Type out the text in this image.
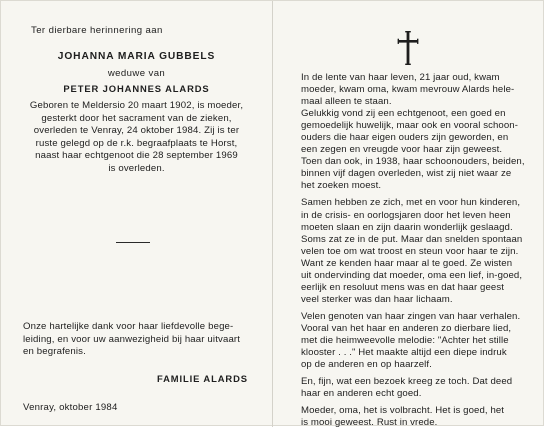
Ter dierbare herinnering aan
JOHANNA MARIA GUBBELS
weduwe van
PETER JOHANNES ALARDS
Geboren te Meldersio 20 maart 1902, is moeder,
gesterkt door het sacrament van de zieken,
overleden te Venray, 24 oktober 1984. Zij is ter
ruste gelegd op de r.k. begraafplaats te Horst,
naast haar echtgenoot die 28 september 1969
is overleden.
Onze hartelijke dank voor haar liefdevolle bege-
leiding, en voor uw aanwezigheid bij haar uitvaart
en begrafenis.
FAMILIE ALARDS
Venray, oktober 1984
In de lente van haar leven, 21 jaar oud, kwam
moeder, kwam oma, kwam mevrouw Alards hele-
maal alleen te staan.
Gelukkig vond zij een echtgenoot, een goed en
gemoedelijk huwelijk, maar ook en vooral schoon-
ouders die haar eigen ouders zijn geworden, en
een zegen en vreugde voor haar zijn geweest.
Toen dan ook, in 1938, haar schoonouders, beiden,
binnen vijf dagen overleden, wist zij niet waar ze
het zoeken moest.
Samen hebben ze zich, met en voor hun kinderen,
in de crisis- en oorlogsjaren door het leven heen
moeten slaan en zijn daarin wonderlijk geslaagd.
Soms zat ze in de put. Maar dan snelden spontaan
velen toe om wat troost en steun voor haar te zijn.
Want ze kenden haar maar al te goed. Ze wisten
uit ondervinding dat moeder, oma een lief, in-goed,
eerlijk en resoluut mens was en dat haar geest
veel sterker was dan haar lichaam.
Velen genoten van haar zingen van haar verhalen.
Vooral van het haar en anderen zo dierbare lied,
met die heimweevolle melodie: "Achter het stille
klooster . . ." Het maakte altijd een diepe indruk
op de anderen en op haarzelf.
En, fijn, wat een bezoek kreeg ze toch. Dat deed
haar en anderen echt goed.
Moeder, oma, het is volbracht. Het is goed, het
is mooi geweest. Rust in vrede.
